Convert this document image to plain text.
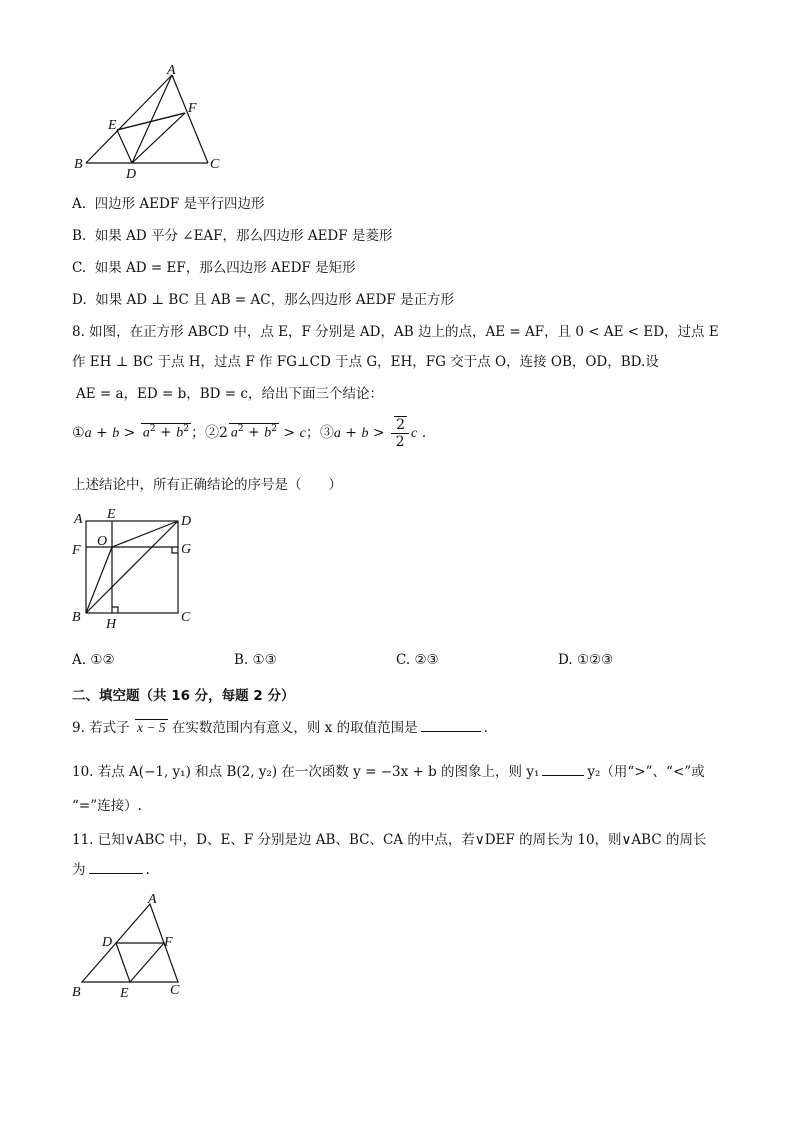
A
B	C
D
E
F
A. 四边形 AEDF 是平行四边形
B. 如果 AD 平分 ∠EAF，那么四边形 AEDF 是菱形
C. 如果 AD = EF，那么四边形 AEDF 是矩形
D. 如果 AD ⊥ BC 且 AB = AC，那么四边形 AEDF 是正方形
8. 如图，在正方形 ABCD 中，点 E，F 分别是 AD，AB 边上的点，AE = AF，且 0 < AE < ED，过点 E
作 EH ⊥ BC 于点 H，过点 F 作 FG⊥CD 于点 G，EH，FG 交于点 O，连接 OB，OD，BD.设
AE = a，ED = b，BD = c，给出下面三个结论：
①a + $b > a^2 + b^2$ ；②2 $a^2 + b^2 > c$；③a + $b > \frac{2}{2}$ c .
上述结论中，所有正确结论的序号是（　　）
A E	D
F
O
G
B H	C
A. ①②	B. ①③	C. ②③	D. ①②③
二、填空题（共 16 分，每题 2 分）
9. 若式子 x − 5 在实数范围内有意义，则 x 的取值范围是	.
10. 若点 A(−1, y₁) 和点 B(2, y₂) 在一次函数 y = −3x + b 的图象上，则 y₁	y₂（用“>”、“<”或
“=”连接）.
11. 已知∨ABC 中，D、E、F 分别是边 AB、BC、CA 的中点，若∨DEF 的周长为 10，则∨ABC 的周长
为	.
A
B	C
D
E
F
